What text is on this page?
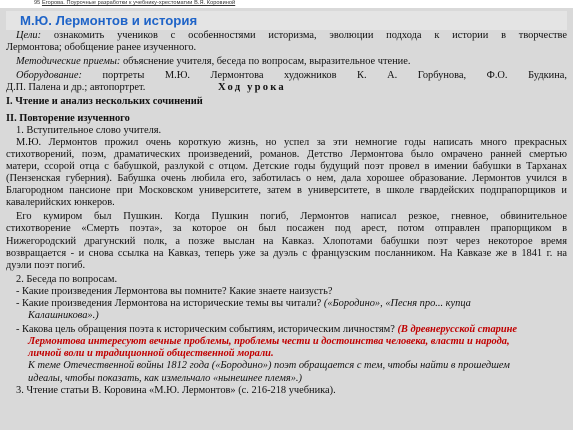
95 Егорова. Поурочные разработки к учебнику-хрестоматии В.Я. Коровиной
М.Ю. Лермонтов и история
Цели: ознакомить учеников с особенностями историзма, эволюции подхода к истории в творчестве
Лермонтова; обобщение ранее изученного.
Методические приемы: объяснение учителя, беседа по вопросам, выразительное чтение.
Оборудование: портреты М.Ю. Лермонтова художников К. А. Горбунова, Ф.О. Будкина,
Д.П. Палена и др.; автопортрет.	Ход урока
I. Чтение и анализ нескольких сочинений
II. Повторение изученного
1. Вступительное слово учителя.
М.Ю. Лермонтов прожил очень короткую жизнь, но успел за эти немногие годы написать много прекрасных
стихотворений, поэм, драматических произведений, романов. Детство Лермонтова было омрачено ранней смертью
матери, ссорой отца с бабушкой, разлукой с отцом. Детские годы будущий поэт провел в имении бабушки в Тарханах
(Пензенская губерния). Бабушка очень любила его, заботилась о нем, дала хорошее образование. Лермонтов учился в
Благородном пансионе при Московском университете, затем в университете, в школе гвардейских подпрапорщиков и
кавалерийских юнкеров.
Его кумиром был Пушкин. Когда Пушкин погиб, Лермонтов написал резкое, гневное, обвинительное
стихотворение «Смерть поэта», за которое он был посажен под арест, потом отправлен прапорщиком в
Нижегородский драгунский полк, а позже выслан на Кавказ. Хлопотами бабушки поэт через некоторое время
возвращается - и снова ссылка на Кавказ, теперь уже за дуэль с французским посланником. На Кавказе же в 1841 г. на
дуэли поэт погиб.
2. Беседа по вопросам.
- Какие произведения Лермонтова вы помните? Какие знаете наизусть?
- Какие произведения Лермонтова на исторические темы вы читали? («Бородино», «Песня про... купца
Калашникова».)
- Какова цель обращения поэта к историческим событиям, историческим личностям? (В древнерусской старине
Лермонтова интересуют вечные проблемы, проблемы чести и достоинства человека, власти и народа,
личной воли и традиционной общественной морали.
К теме Отечественной войны 1812 года («Бородино») поэт обращается с тем, чтобы найти в прошедшем
идеалы, чтобы показать, как измельчало «нынешнее племя».)
3. Чтение статьи В. Коровина «М.Ю. Лермонтов» (с. 216-218 учебника).
